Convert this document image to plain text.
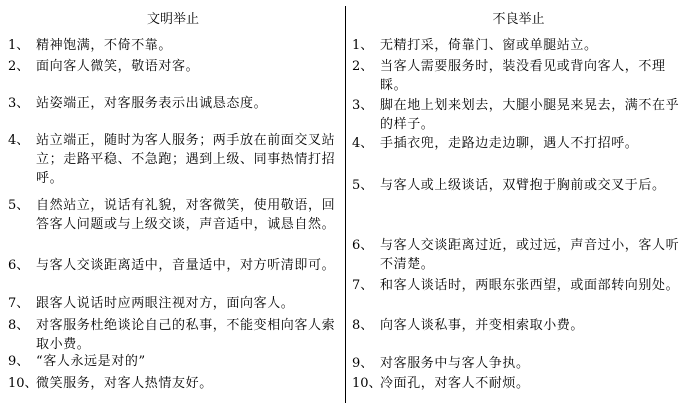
文明举止
1、 精神饱满，不倚不靠。
2、 面向客人微笑，敬语对客。
3、 站姿端正，对客服务表示出诚恳态度。
4、 站立端正，随时为客人服务；两手放在前面交叉站立；走路平稳、不急跑；遇到上级、同事热情打招呼。
5、 自然站立，说话有礼貌，对客微笑，使用敬语，回答客人问题或与上级交谈，声音适中，诚恳自然。
6、 与客人交谈距离适中，音量适中，对方听清即可。
7、 跟客人说话时应两眼注视对方，面向客人。
8、 对客服务杜绝谈论自己的私事，不能变相向客人索取小费。
9、 “客人永远是对的”
10、
微笑服务，对客人热情友好。
不良举止
1、 无精打采，倚靠门、窗或单腿站立。
2、 当客人需要服务时，装没看见或背向客人，不理睬。
3、 脚在地上划来划去，大腿小腿晃来晃去，满不在乎的样子。
4、 手插衣兜，走路边走边聊，遇人不打招呼。
5、 与客人或上级谈话，双臂抱于胸前或交叉于后。
6、 与客人交谈距离过近，或过远，声音过小，客人听不清楚。
7、 和客人谈话时，两眼东张西望，或面部转向别处。
8、 向客人谈私事，并变相索取小费。
9、 对客服务中与客人争执。
10、
冷面孔，对客人不耐烦。
